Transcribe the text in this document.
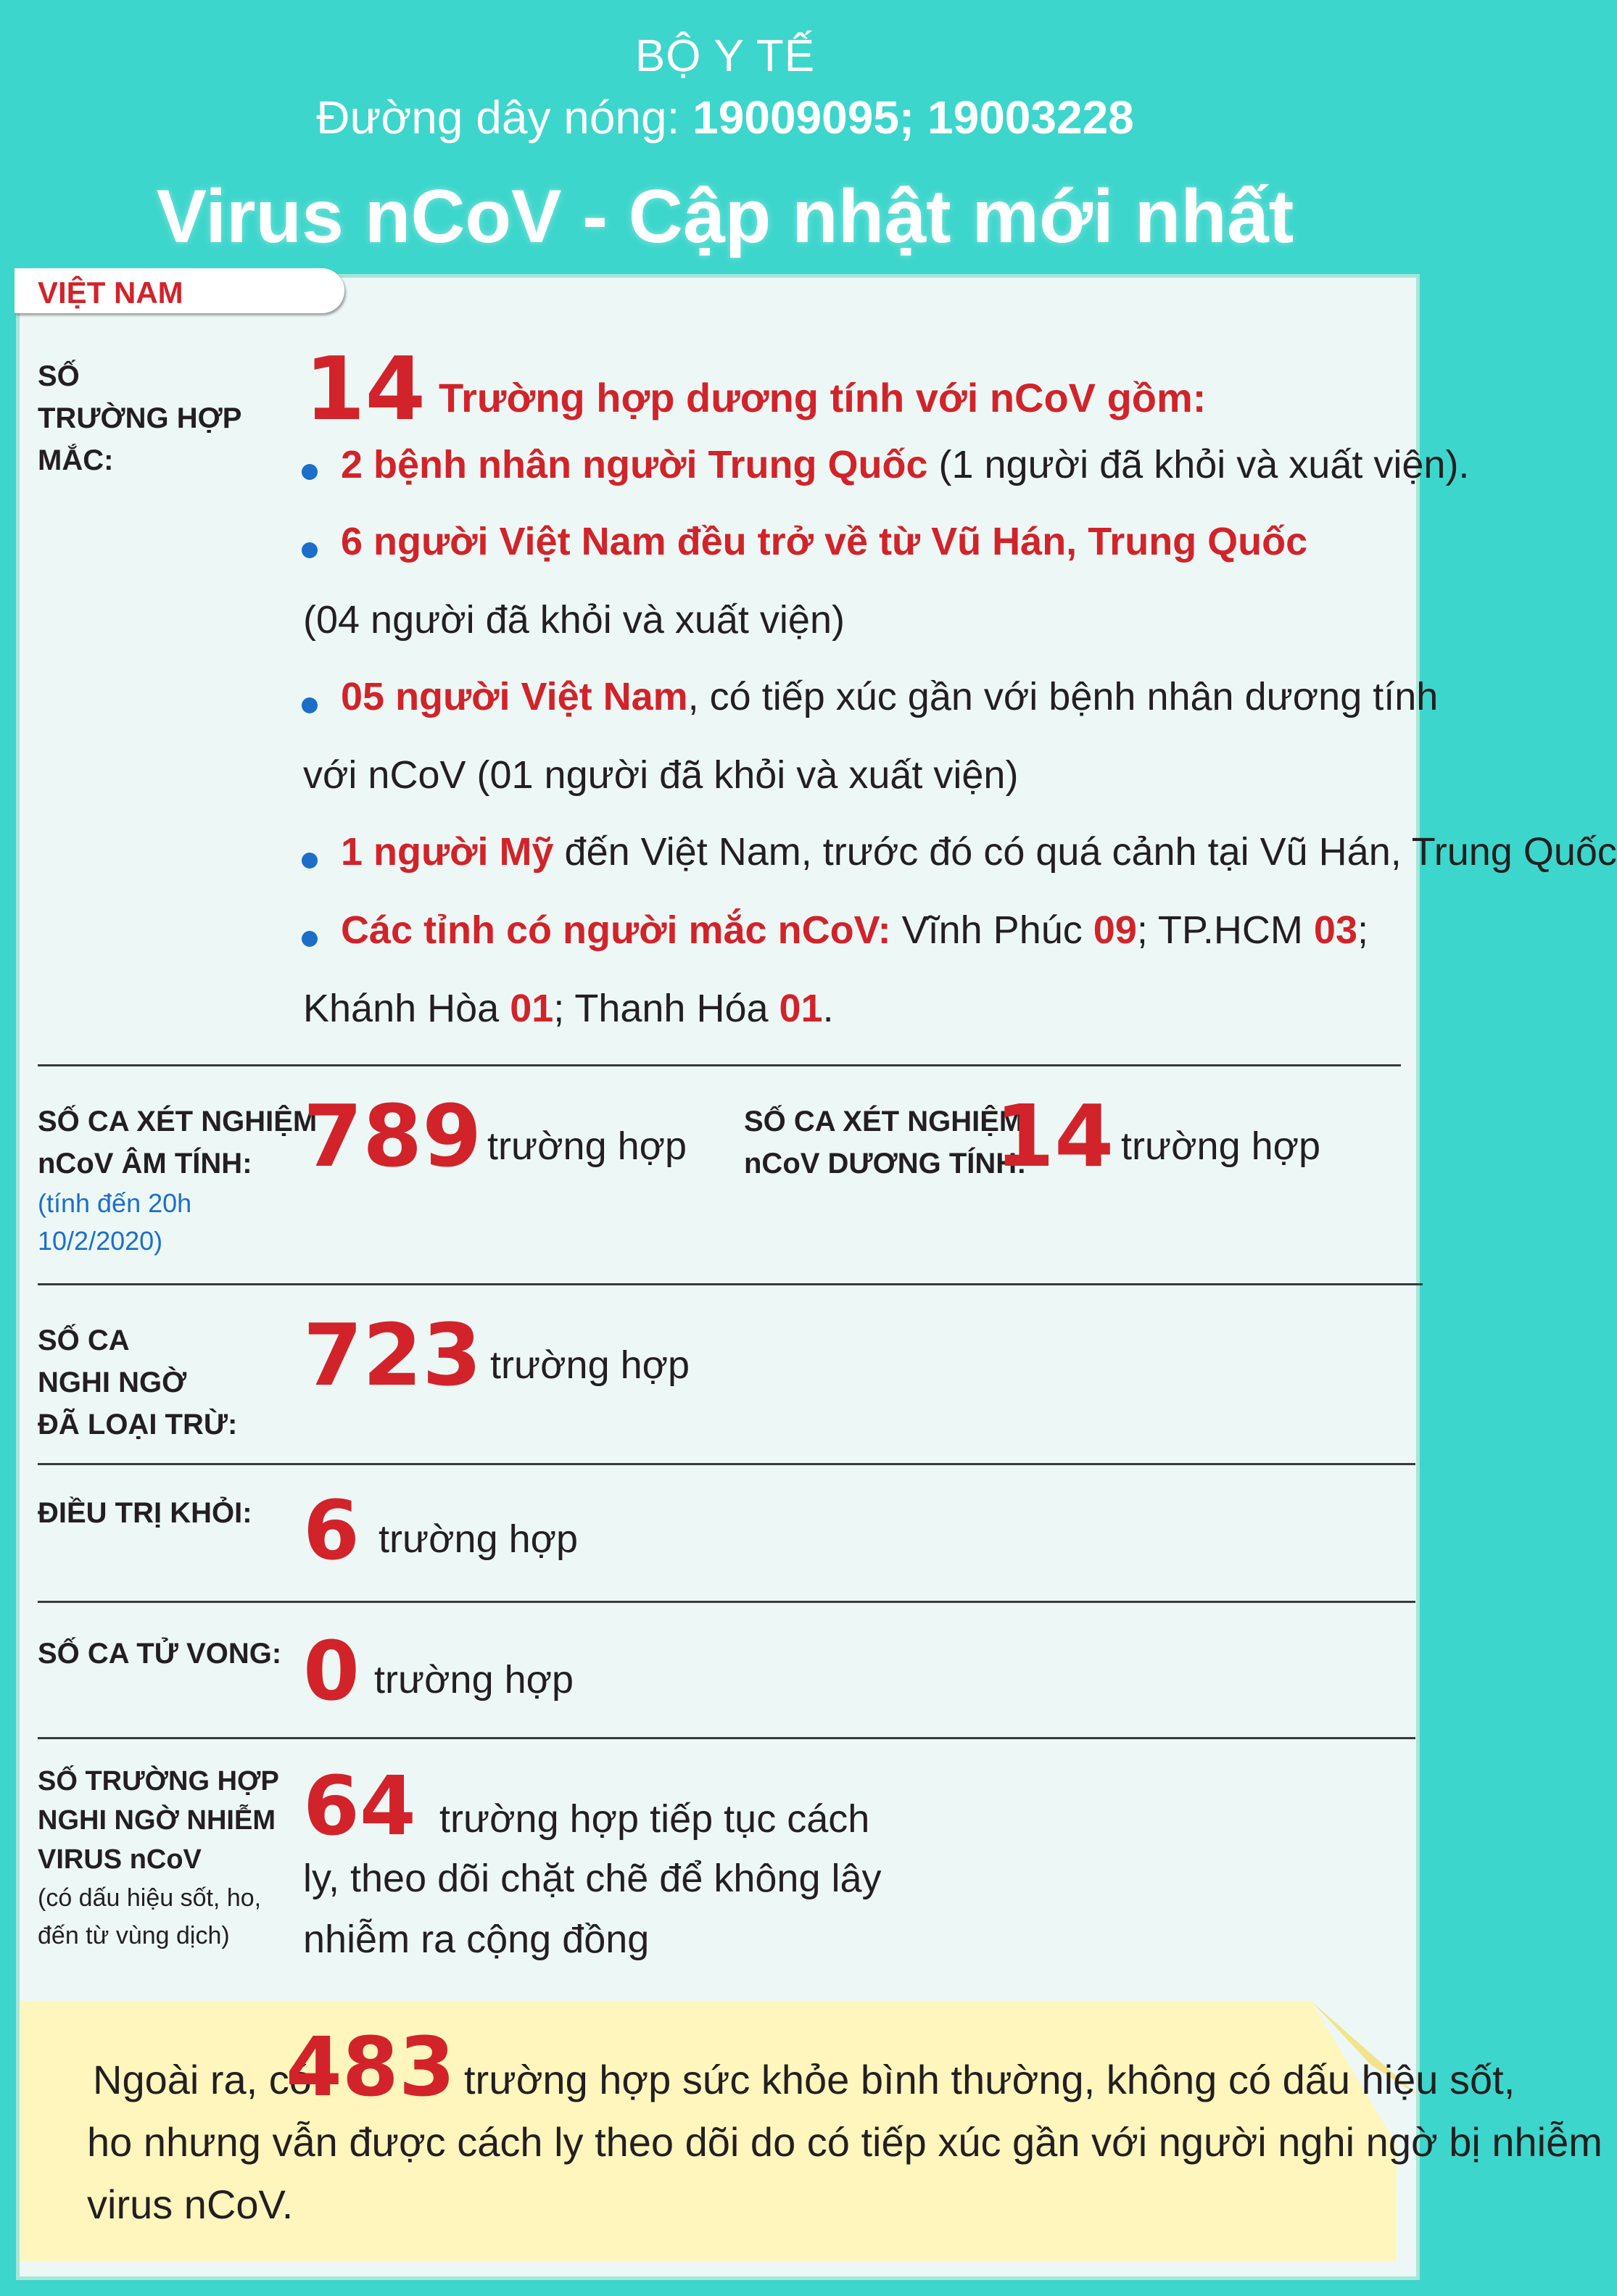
BỘ Y TẾ
Đường dây nóng: 19009095; 19003228
Virus nCoV - Cập nhật mới nhất
VIỆT NAM
SỐ
TRƯỜNG HỢP
MẮC:
14 Trường hợp dương tính với nCoV gồm:
2 bệnh nhân người Trung Quốc (1 người đã khỏi và xuất viện).
6 người Việt Nam đều trở về từ Vũ Hán, Trung Quốc
(04 người đã khỏi và xuất viện)
05 người Việt Nam, có tiếp xúc gần với bệnh nhân dương tính
với nCoV (01 người đã khỏi và xuất viện)
1 người Mỹ đến Việt Nam, trước đó có quá cảnh tại Vũ Hán, Trung Quốc
Các tỉnh có người mắc nCoV: Vĩnh Phúc 09; TP.HCM 03;
Khánh Hòa 01; Thanh Hóa 01.
SỐ CA XÉT NGHIỆM
nCoV ÂM TÍNH:
(tính đến 20h
10/2/2020)
789 trường hợp
SỐ CA XÉT NGHIỆM
nCoV DƯƠNG TÍNH:
14 trường hợp
SỐ CA
NGHI NGỜ
ĐÃ LOẠI TRỪ:
723 trường hợp
ĐIỀU TRỊ KHỎI: 6 trường hợp
SỐ CA TỬ VONG: 0 trường hợp
SỐ TRƯỜNG HỢP
NGHI NGỜ NHIỄM
VIRUS nCoV
(có dấu hiệu sốt, ho,
đến từ vùng dịch)
64 trường hợp tiếp tục cách
ly, theo dõi chặt chẽ để không lây
nhiễm ra cộng đồng
Ngoài ra, có
483 trường hợp sức khỏe bình thường, không có dấu hiệu sốt,
ho nhưng vẫn được cách ly theo dõi do có tiếp xúc gần với người nghi ngờ bị nhiễm
virus nCoV.
